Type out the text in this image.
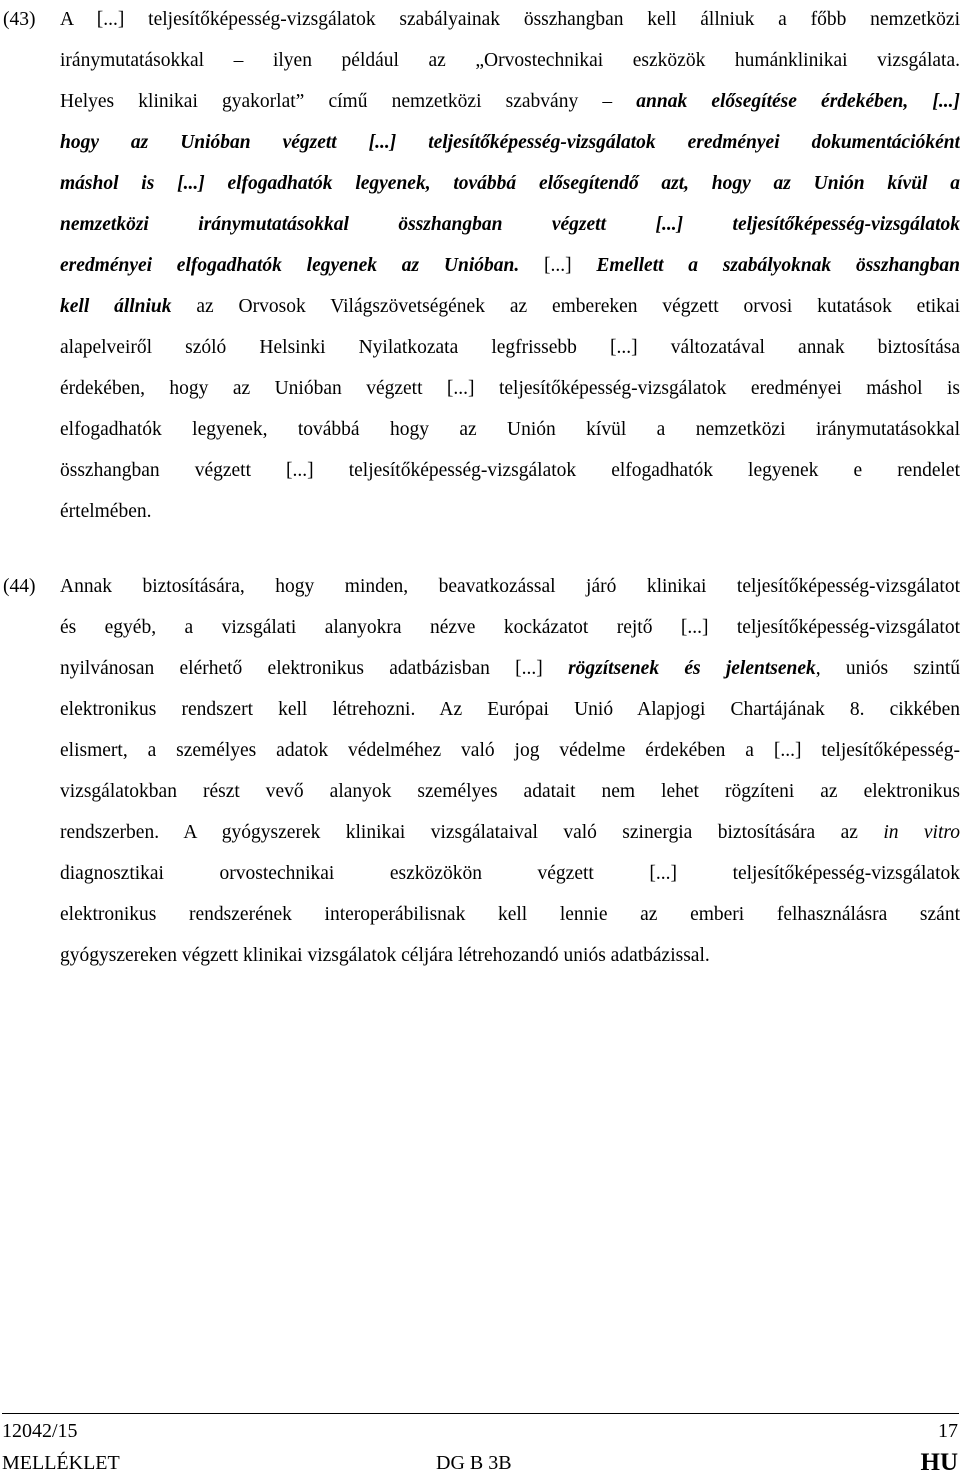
(43) A [...] teljesítőképesség-vizsgálatok szabályainak összhangban kell állniuk a főbb nemzetközi
iránymutatásokkal – ilyen például az „Orvostechnikai eszközök humánklinikai vizsgálata.
Helyes klinikai gyakorlat” című nemzetközi szabvány – annak elősegítése érdekében, [...]
hogy az Unióban végzett [...] teljesítőképesség-vizsgálatok eredményei dokumentációként
máshol is [...] elfogadhatók legyenek, továbbá elősegítendő azt, hogy az Unión kívül a
nemzetközi iránymutatásokkal összhangban végzett [...] teljesítőképesség-vizsgálatok
eredményei elfogadhatók legyenek az Unióban. [...] Emellett a szabályoknak összhangban
kell állniuk az Orvosok Világszövetségének az embereken végzett orvosi kutatások etikai
alapelveiről szóló Helsinki Nyilatkozata legfrissebb [...] változatával annak biztosítása
érdekében, hogy az Unióban végzett [...] teljesítőképesség-vizsgálatok eredményei máshol is
elfogadhatók legyenek, továbbá hogy az Unión kívül a nemzetközi iránymutatásokkal
összhangban végzett [...] teljesítőképesség-vizsgálatok elfogadhatók legyenek e rendelet
értelmében.
(44) Annak biztosítására, hogy minden, beavatkozással járó klinikai teljesítőképesség-vizsgálatot
és egyéb, a vizsgálati alanyokra nézve kockázatot rejtő [...] teljesítőképesség-vizsgálatot
nyilvánosan elérhető elektronikus adatbázisban [...] rögzítsenek és jelentsenek, uniós szintű
elektronikus rendszert kell létrehozni. Az Európai Unió Alapjogi Chartájának 8. cikkében
elismert, a személyes adatok védelméhez való jog védelme érdekében a [...] teljesítőképesség-
vizsgálatokban részt vevő alanyok személyes adatait nem lehet rögzíteni az elektronikus
rendszerben. A gyógyszerek klinikai vizsgálataival való szinergia biztosítására az in vitro
diagnosztikai orvostechnikai eszközökön végzett [...] teljesítőképesség-vizsgálatok
elektronikus rendszerének interoperábilisnak kell lennie az emberi felhasználásra szánt
gyógyszereken végzett klinikai vizsgálatok céljára létrehozandó uniós adatbázissal.
12042/15	17
MELLÉKLET	DG B 3B	HU
